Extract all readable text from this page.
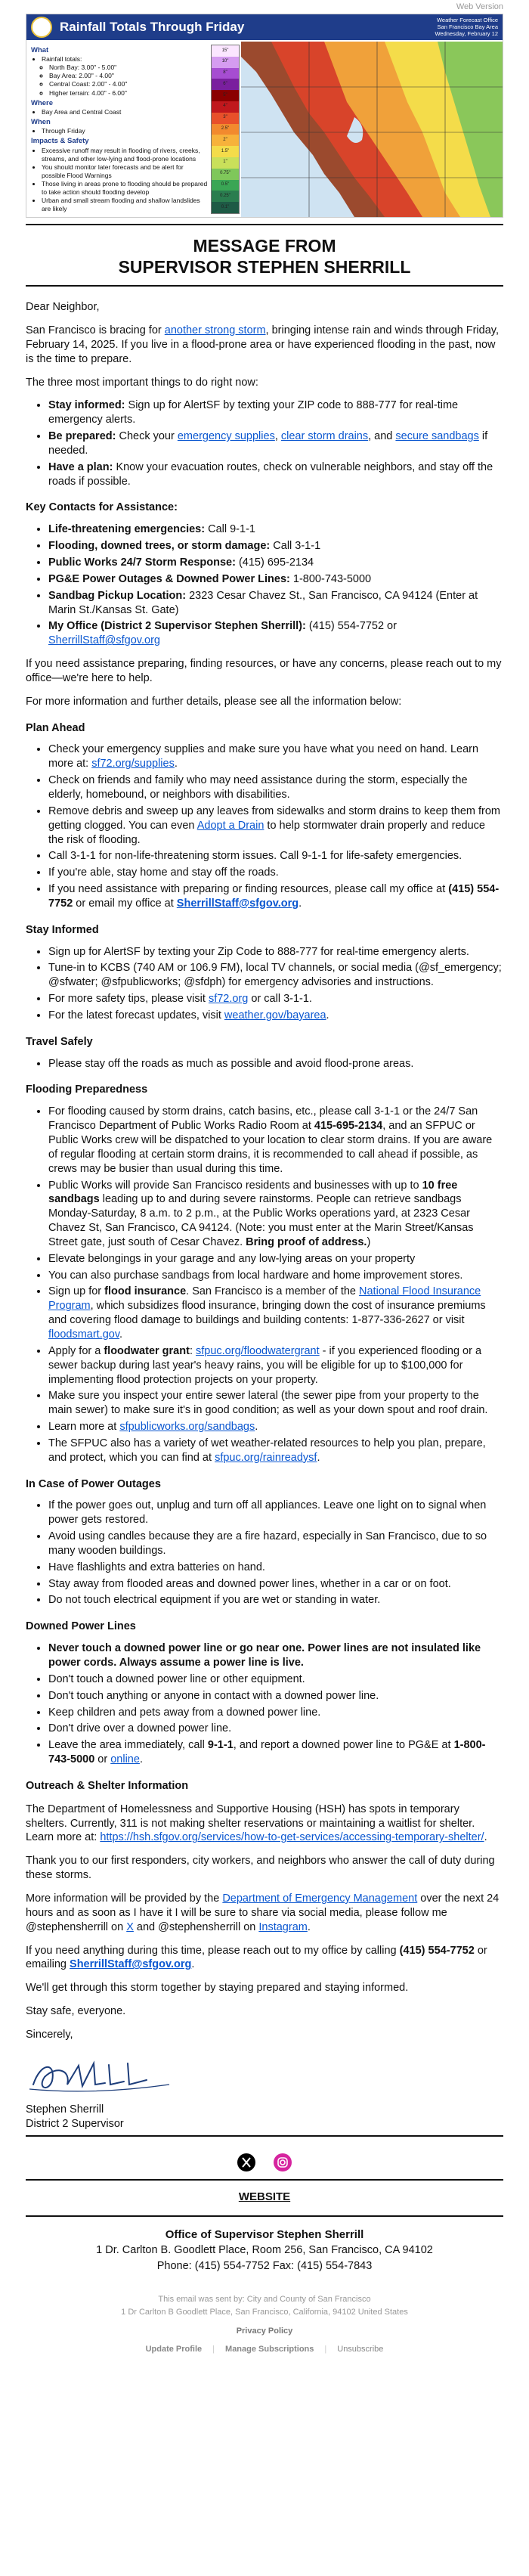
Web Version
Rainfall Totals Through Friday	Weather Forecast Office
San Francisco Bay Area
Wednesday, February 12
What
• Rainfall totals:
◦ North Bay: 3.00" - 5.00"
◦ Bay Area: 2.00" - 4.00"
◦ Central Coast: 2.00" - 4.00"
◦ Higher terrain: 4.00" - 6.00"
Where
• Bay Area and Central Coast
When
• Through Friday
Impacts & Safety
• Excessive runoff may result in flooding of rivers, creeks, streams, and other low-lying and flood-prone locations
• You should monitor later forecasts and be alert for possible Flood Warnings
• Those living in areas prone to flooding should be prepared to take action should flooding develop
• Urban and small stream flooding and shallow landslides are likely
15"
10"
8"
6"
5"
4"
3"
2.5"
2"
1.5"
1"
0.75"
0.5"
0.25"
0.1"
MESSAGE FROM
SUPERVISOR STEPHEN SHERRILL

Dear Neighbor,

San Francisco is bracing for another strong storm, bringing intense rain and winds through Friday, February 14, 2025. If you live in a flood-prone area or have experienced flooding in the past, now is the time to prepare.

The three most important things to do right now:

• Stay informed: Sign up for AlertSF by texting your ZIP code to 888-777 for real-time emergency alerts.
• Be prepared: Check your emergency supplies, clear storm drains, and secure sandbags if needed.
• Have a plan: Know your evacuation routes, check on vulnerable neighbors, and stay off the roads if possible.
Key Contacts for Assistance:
• Life-threatening emergencies: Call 9-1-1
• Flooding, downed trees, or storm damage: Call 3-1-1
• Public Works 24/7 Storm Response: (415) 695-2134
• PG&E Power Outages & Downed Power Lines: 1-800-743-5000
• Sandbag Pickup Location: 2323 Cesar Chavez St., San Francisco, CA 94124 (Enter at Marin St./Kansas St. Gate)
• My Office (District 2 Supervisor Stephen Sherrill): (415) 554-7752 or SherrillStaff@sfgov.org

If you need assistance preparing, finding resources, or have any concerns, please reach out to my office—we're here to help.

For more information and further details, please see all the information below:

Plan Ahead
• Check your emergency supplies and make sure you have what you need on hand. Learn more at: sf72.org/supplies.
• Check on friends and family who may need assistance during the storm, especially the elderly, homebound, or neighbors with disabilities.
• Remove debris and sweep up any leaves from sidewalks and storm drains to keep them from getting clogged. You can even Adopt a Drain to help stormwater drain properly and reduce the risk of flooding.
• Call 3-1-1 for non-life-threatening storm issues. Call 9-1-1 for life-safety emergencies.
• If you're able, stay home and stay off the roads.
• If you need assistance with preparing or finding resources, please call my office at (415) 554-7752 or email my office at SherrillStaff@sfgov.org.
Stay Informed
• Sign up for AlertSF by texting your Zip Code to 888-777 for real-time emergency alerts.
• Tune-in to KCBS (740 AM or 106.9 FM), local TV channels, or social media (@sf_emergency; @sfwater; @sfpublicworks; @sfdph) for emergency advisories and instructions.
• For more safety tips, please visit sf72.org or call 3-1-1.
• For the latest forecast updates, visit weather.gov/bayarea.
Travel Safely
• Please stay off the roads as much as possible and avoid flood-prone areas.
Flooding Preparedness
• For flooding caused by storm drains, catch basins, etc., please call 3-1-1 or the 24/7 San Francisco Department of Public Works Radio Room at 415-695-2134, and an SFPUC or Public Works crew will be dispatched to your location to clear storm drains. If you are aware of regular flooding at certain storm drains, it is recommended to call ahead if possible, as crews may be busier than usual during this time.
• Public Works will provide San Francisco residents and businesses with up to 10 free sandbags leading up to and during severe rainstorms. People can retrieve sandbags Monday-Saturday, 8 a.m. to 2 p.m., at the Public Works operations yard, at 2323 Cesar Chavez St, San Francisco, CA 94124. (Note: you must enter at the Marin Street/Kansas Street gate, just south of Cesar Chavez. Bring proof of address.)
• Elevate belongings in your garage and any low-lying areas on your property
• You can also purchase sandbags from local hardware and home improvement stores.
• Sign up for flood insurance. San Francisco is a member of the National Flood Insurance Program, which subsidizes flood insurance, bringing down the cost of insurance premiums and covering flood damage to buildings and building contents: 1-877-336-2627 or visit floodsmart.gov.
• Apply for a floodwater grant: sfpuc.org/floodwatergrant - if you experienced flooding or a sewer backup during last year's heavy rains, you will be eligible for up to $100,000 for implementing flood protection projects on your property.
• Make sure you inspect your entire sewer lateral (the sewer pipe from your property to the main sewer) to make sure it's in good condition; as well as your down spout and roof drain.
• Learn more at sfpublicworks.org/sandbags.
• The SFPUC also has a variety of wet weather-related resources to help you plan, prepare, and protect, which you can find at sfpuc.org/rainreadysf.
In Case of Power Outages
• If the power goes out, unplug and turn off all appliances. Leave one light on to signal when power gets restored.
• Avoid using candles because they are a fire hazard, especially in San Francisco, due to so many wooden buildings.
• Have flashlights and extra batteries on hand.
• Stay away from flooded areas and downed power lines, whether in a car or on foot.
• Do not touch electrical equipment if you are wet or standing in water.
Downed Power Lines
• Never touch a downed power line or go near one. Power lines are not insulated like power cords. Always assume a power line is live.
• Don't touch a downed power line or other equipment.
• Don't touch anything or anyone in contact with a downed power line.
• Keep children and pets away from a downed power line.
• Don't drive over a downed power line.
• Leave the area immediately, call 9-1-1, and report a downed power line to PG&E at 1-800-743-5000 or online.
Outreach & Shelter Information

The Department of Homelessness and Supportive Housing (HSH) has spots in temporary shelters. Currently, 311 is not making shelter reservations or maintaining a waitlist for shelter. Learn more at: https://hsh.sfgov.org/services/how-to-get-services/accessing-temporary-shelter/.

Thank you to our first responders, city workers, and neighbors who answer the call of duty during these storms.

More information will be provided by the Department of Emergency Management over the next 24 hours and as soon as I have it I will be sure to share via social media, please follow me @stephensherrill on X and @stephensherrill on Instagram.

If you need anything during this time, please reach out to my office by calling (415) 554-7752 or emailing SherrillStaff@sfgov.org.

We'll get through this storm together by staying prepared and staying informed.

Stay safe, everyone.

Sincerely,

Stephen Sherrill
District 2 Supervisor

WEBSITE

Office of Supervisor Stephen Sherrill

1 Dr. Carlton B. Goodlett Place, Room 256, San Francisco, CA 94102

Phone: (415) 554-7752 Fax: (415) 554-7843

This email was sent by: City and County of San Francisco
1 Dr Carlton B Goodlett Place, San Francisco, California, 94102 United States
Privacy Policy
Update Profile | Manage Subscriptions | Unsubscribe
